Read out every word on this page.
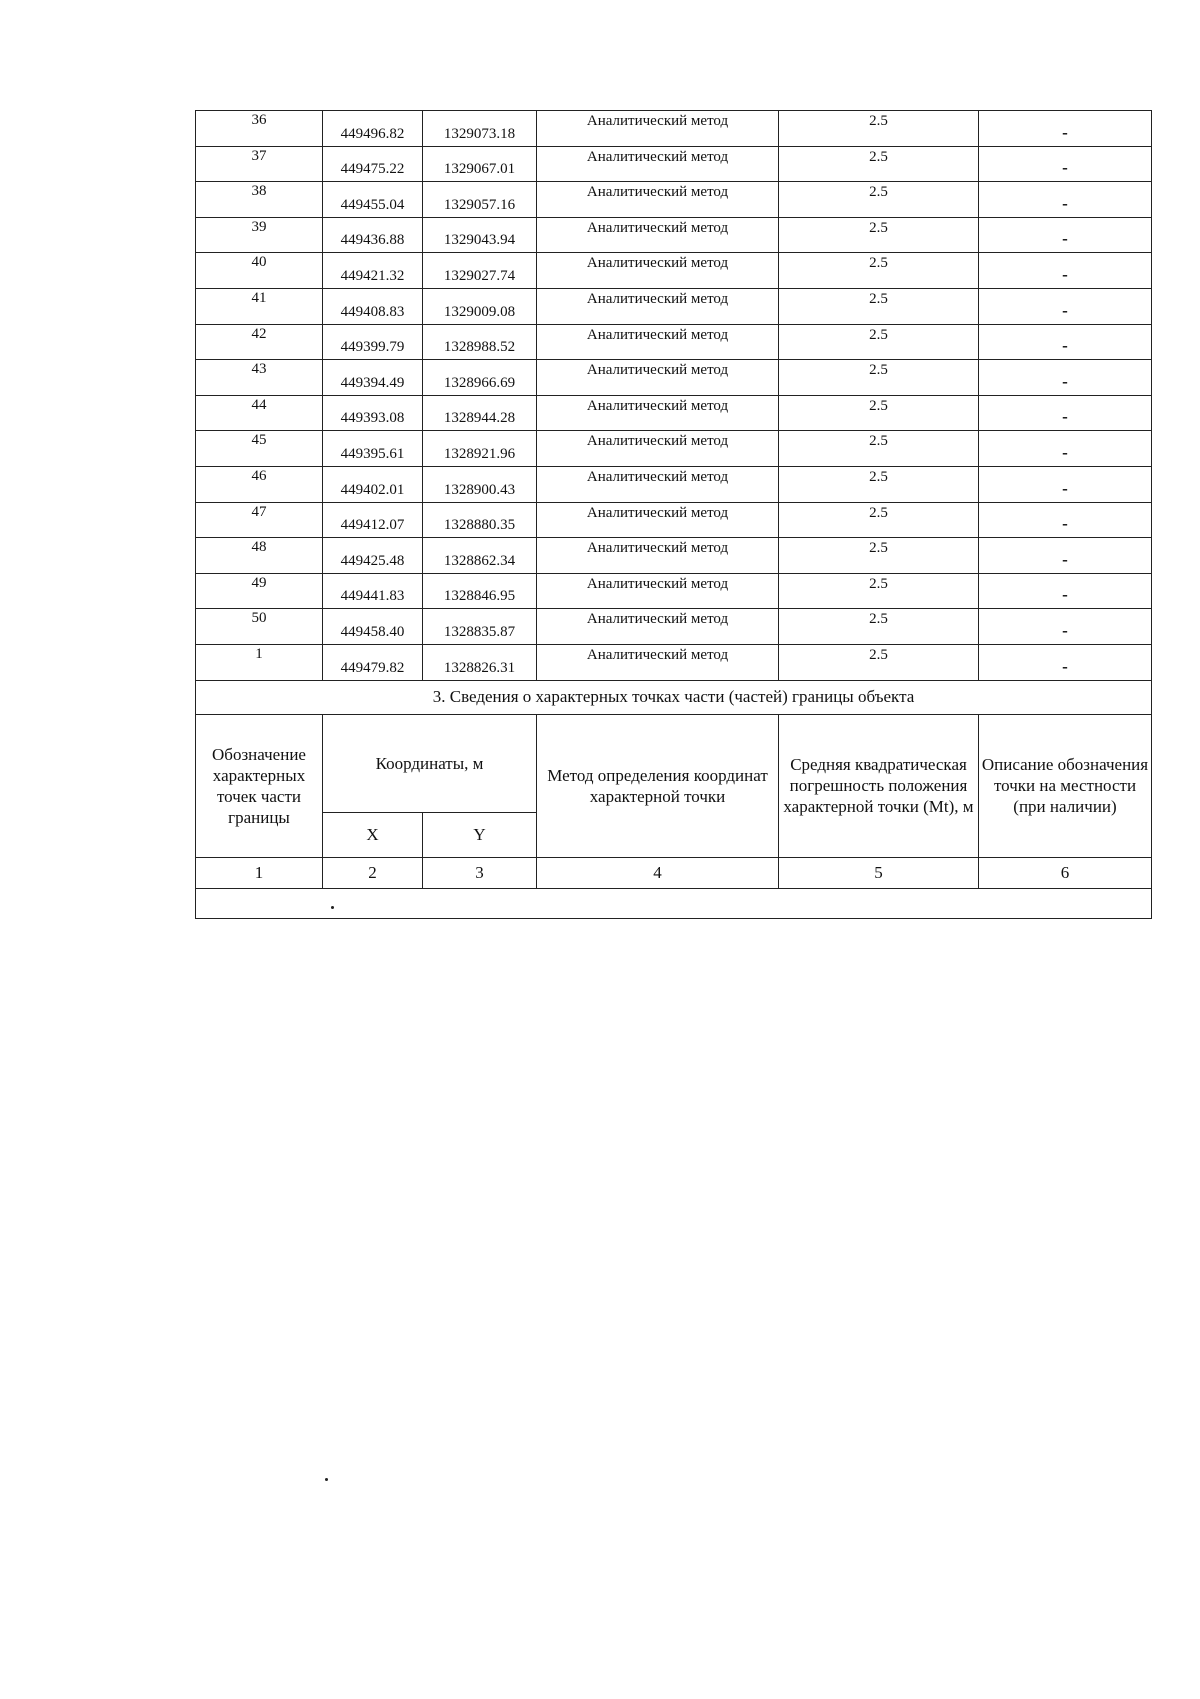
36	449496.82	1329073.18	Аналитический метод	2.5	-
37	449475.22	1329067.01	Аналитический метод	2.5	-
38	449455.04	1329057.16	Аналитический метод	2.5	-
39	449436.88	1329043.94	Аналитический метод	2.5	-
40	449421.32	1329027.74	Аналитический метод	2.5	-
41	449408.83	1329009.08	Аналитический метод	2.5	-
42	449399.79	1328988.52	Аналитический метод	2.5	-
43	449394.49	1328966.69	Аналитический метод	2.5	-
44	449393.08	1328944.28	Аналитический метод	2.5	-
45	449395.61	1328921.96	Аналитический метод	2.5	-
46	449402.01	1328900.43	Аналитический метод	2.5	-
47	449412.07	1328880.35	Аналитический метод	2.5	-
48	449425.48	1328862.34	Аналитический метод	2.5	-
49	449441.83	1328846.95	Аналитический метод	2.5	-
50	449458.40	1328835.87	Аналитический метод	2.5	-
1	449479.82	1328826.31	Аналитический метод	2.5	-
3. Сведения о характерных точках части (частей) границы объекта					
Обозначение характерных точек части границы	Координаты, м		Метод определения координат характерной точки	Средняя квадратическая погрешность положения характерной точки (Mt), м	Описание обозначения точки на местности (при наличии)
	X	Y			
1	2	3	4	5	6
